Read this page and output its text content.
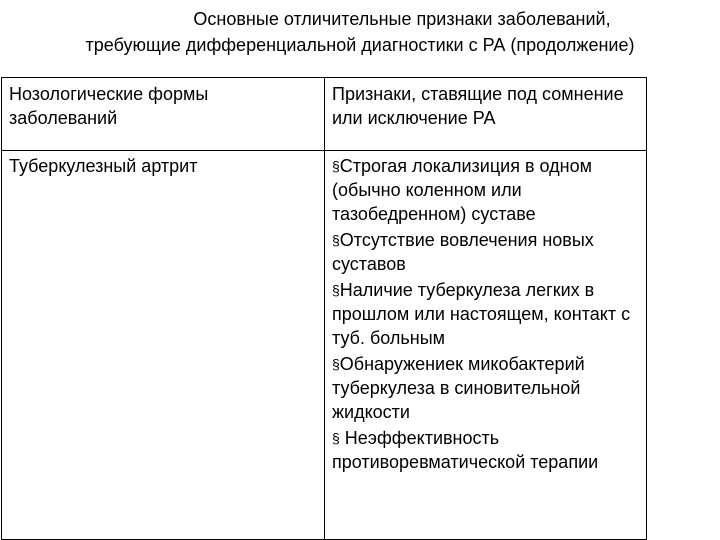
Основные отличительные признаки заболеваний,
требующие дифференциальной диагностики с РА (продолжение)
Нозологические формы заболеваний	Признаки, ставящие под сомнение или исключение РА
Туберкулезный артрит	§Строгая локализиция в одном (обычно коленном или тазобедренном) суставе
§Отсутствие вовлечения новых суставов
§Наличие туберкулеза легких в прошлом или настоящем, контакт с туб. больным
§Обнаружениек микобактерий туберкулеза в синовительной жидкости
§ Неэффективность противоревматической терапии
